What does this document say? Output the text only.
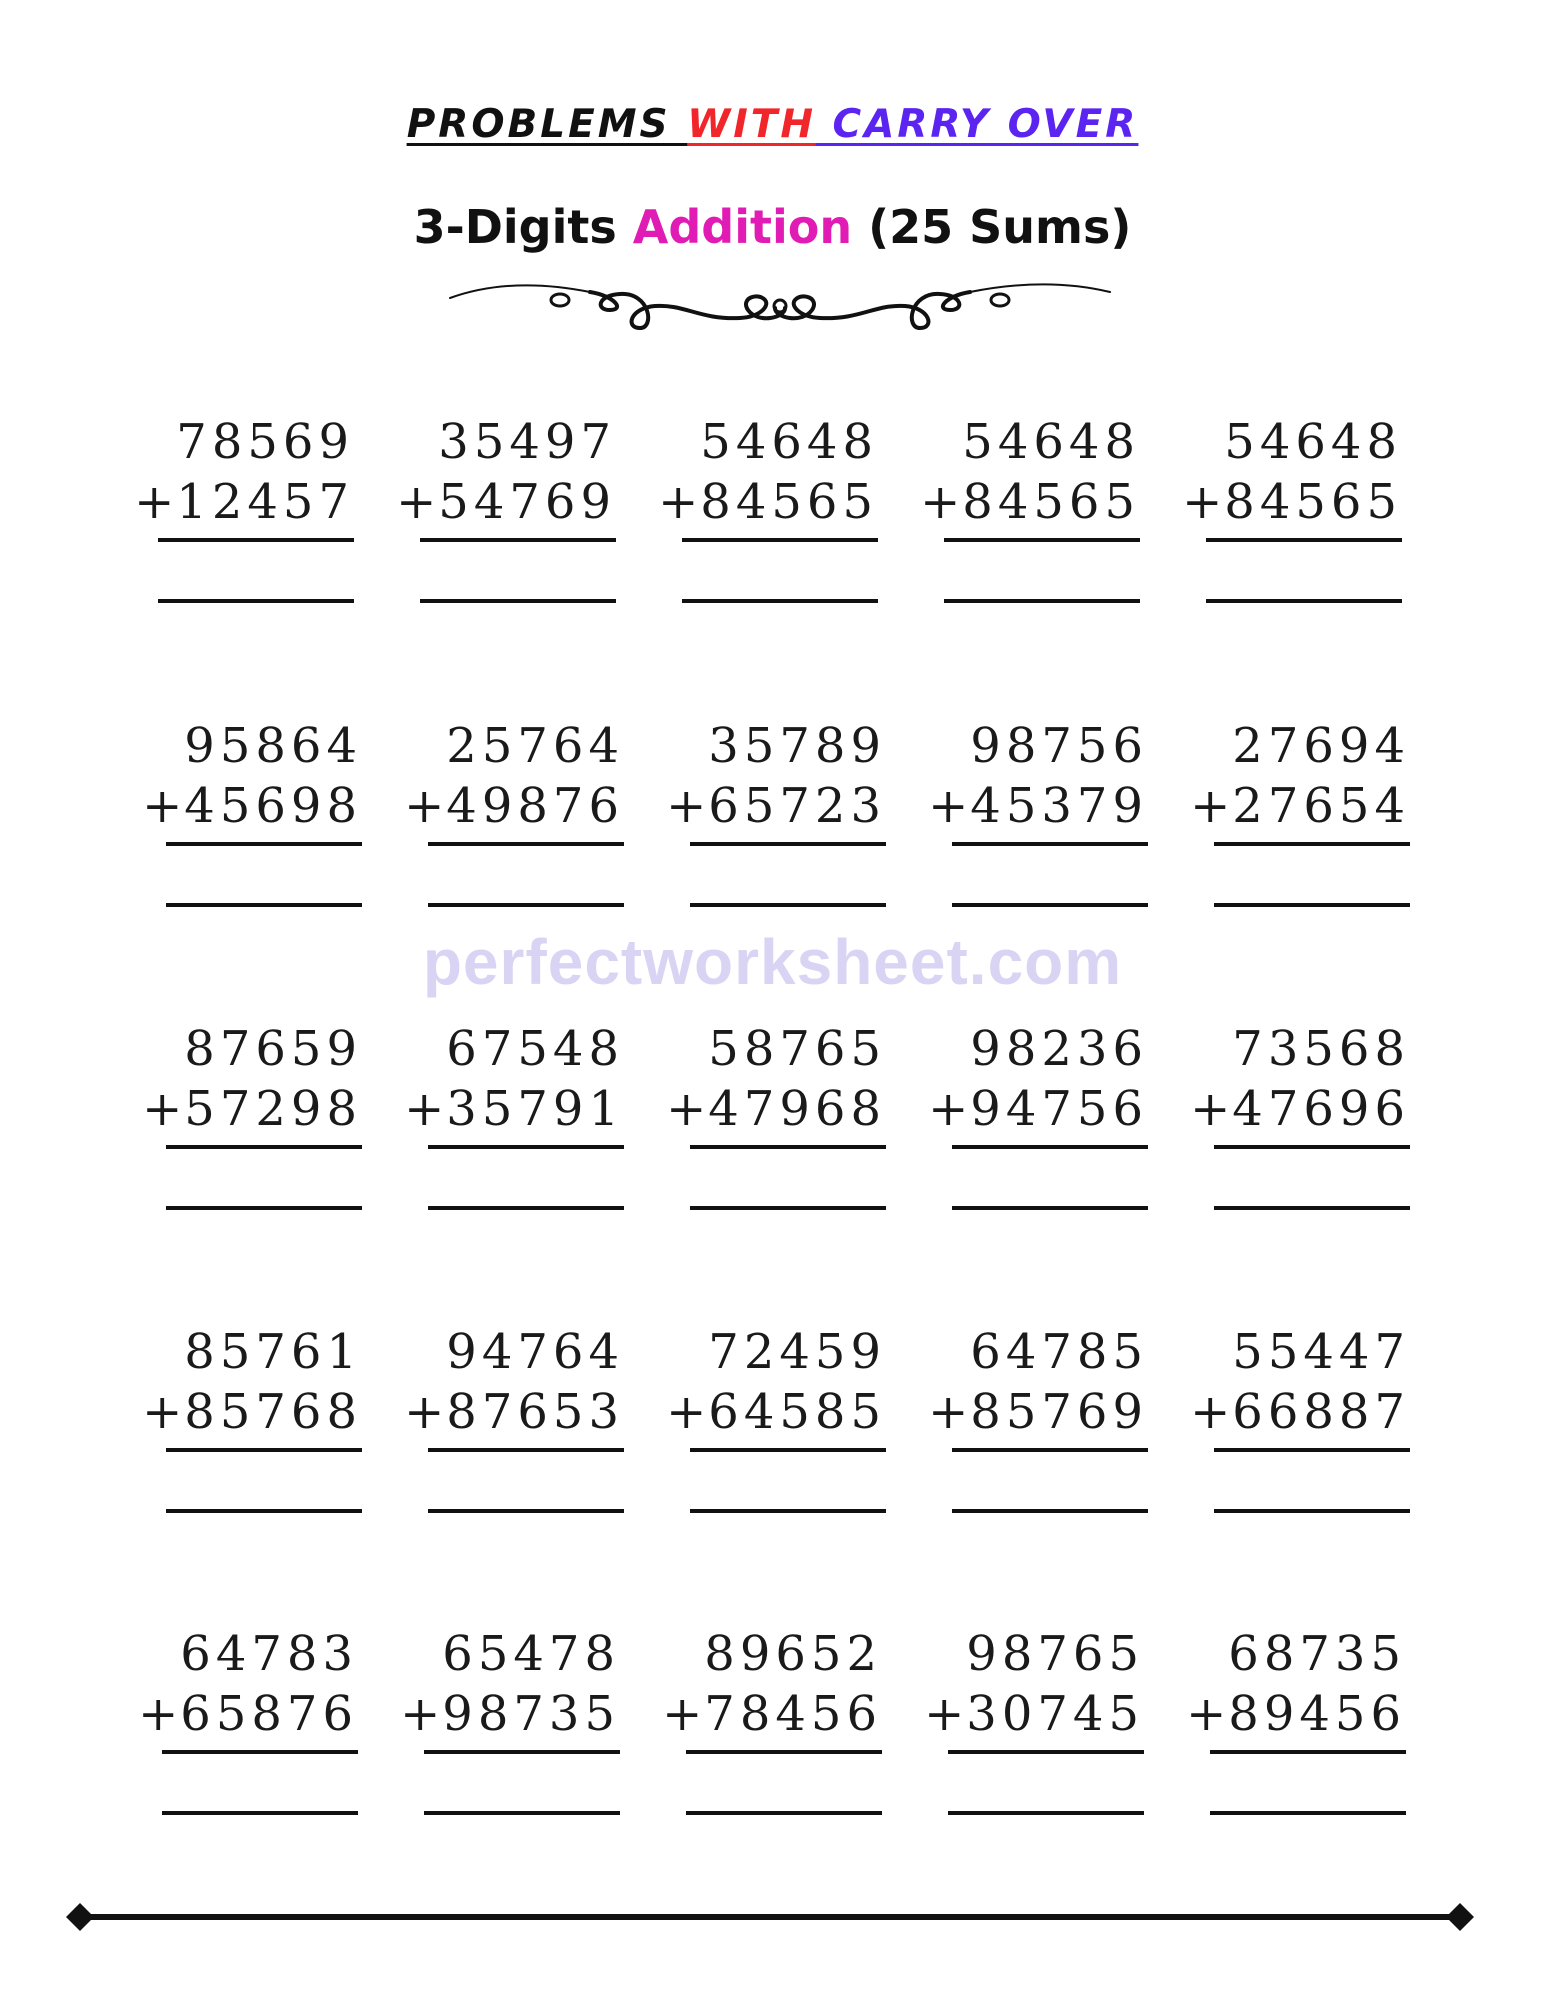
PROBLEMS WITH CARRY OVER
3-Digits Addition (25 Sums)
perfectworksheet.com
78569
+12457
35497
+54769
54648
+84565
54648
+84565
54648
+84565
95864
+45698
25764
+49876
35789
+65723
98756
+45379
27694
+27654
87659
+57298
67548
+35791
58765
+47968
98236
+94756
73568
+47696
85761
+85768
94764
+87653
72459
+64585
64785
+85769
55447
+66887
64783
+65876
65478
+98735
89652
+78456
98765
+30745
68735
+89456
